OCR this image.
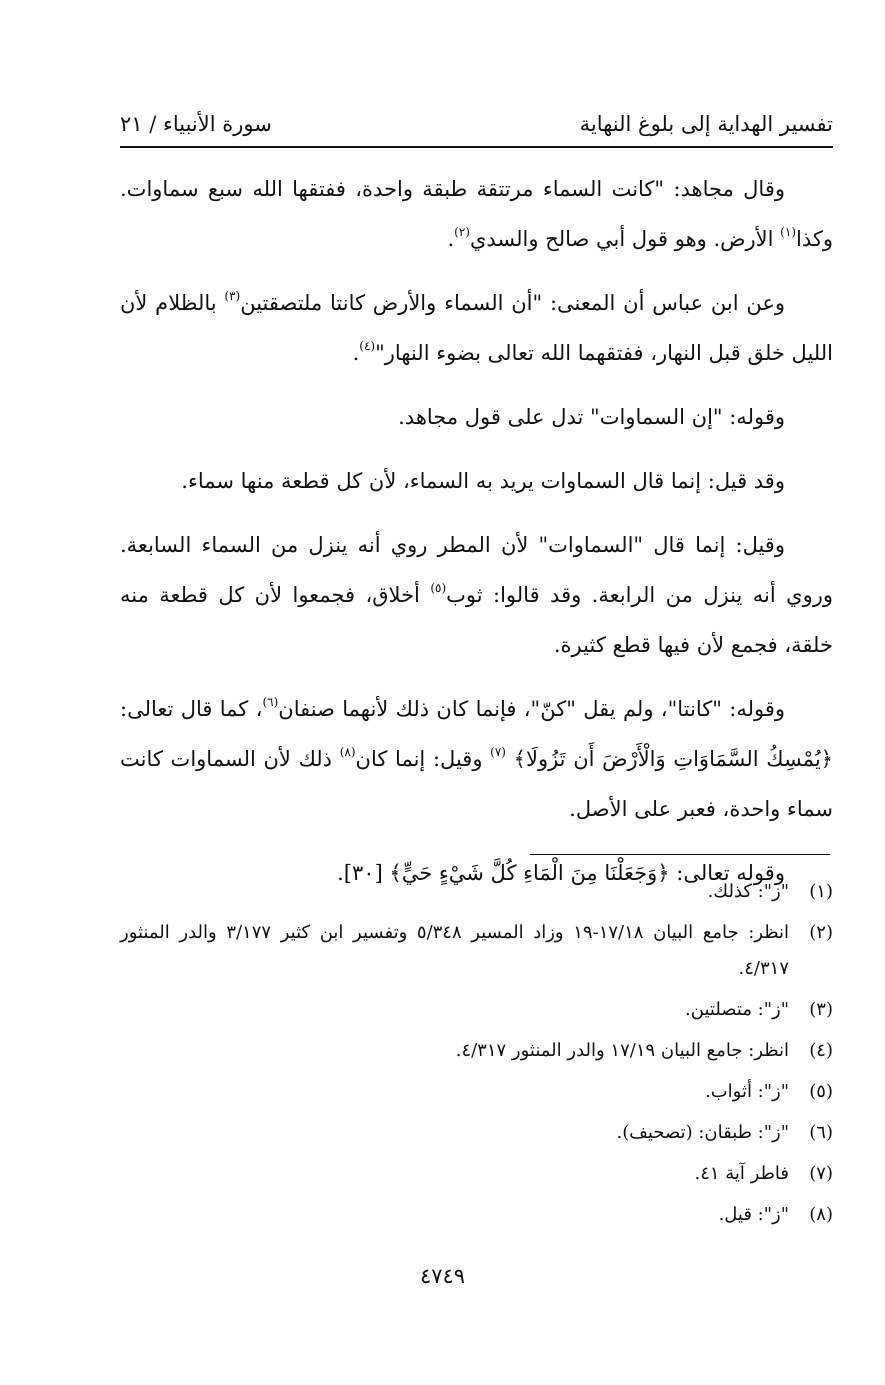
تفسير الهداية إلى بلوغ النهاية
سورة الأنبياء / ٢١

وقال مجاهد: "كانت السماء مرتتقة طبقة واحدة، ففتقها الله سبع سماوات. وكذا$^{(١)}$ الأرض. وهو قول أبي صالح والسدي$^{(٢)}$.

وعن ابن عباس أن المعنى: "أن السماء والأرض كانتا ملتصقتين$^{(٣)}$ بالظلام لأن الليل خلق قبل النهار، ففتقهما الله تعالى بضوء النهار"$^{(٤)}$.

وقوله: "إن السماوات" تدل على قول مجاهد.

وقد قيل: إنما قال السماوات يريد به السماء، لأن كل قطعة منها سماء.

وقيل: إنما قال "السماوات" لأن المطر روي أنه ينزل من السماء السابعة. وروي أنه ينزل من الرابعة. وقد قالوا: ثوب$^{(٥)}$ أخلاق، فجمعوا لأن كل قطعة منه خلقة، فجمع لأن فيها قطع كثيرة.

وقوله: "كانتا"، ولم يقل "كنّ"، فإنما كان ذلك لأنهما صنفان$^{(٦)}$، كما قال تعالى: ﴿يُمْسِكُ السَّمَاوَاتِ وَالْأَرْضَ أَن تَزُولَا﴾ $^{(٧)}$ وقيل: إنما كان$^{(٨)}$ ذلك لأن السماوات كانت سماء واحدة، فعبر على الأصل.

وقوله تعالى: ﴿وَجَعَلْنَا مِنَ الْمَاءِ كُلَّ شَيْءٍ حَيٍّ﴾ [٣٠].

(١)
"ز": كذلك.
(٢)
انظر: جامع البيان ١٧/١٨-١٩ وزاد المسير ٥/٣٤٨ وتفسير ابن كثير ٣/١٧٧ والدر المنثور ٤/٣١٧.
(٣)
"ز": متصلتين.
(٤)
انظر: جامع البيان ١٧/١٩ والدر المنثور ٤/٣١٧.
(٥)
"ز": أثواب.
(٦)
"ز": طبقان: (تصحيف).
(٧)
فاطر آية ٤١.
(٨)
"ز": قيل.
٤٧٤٩
